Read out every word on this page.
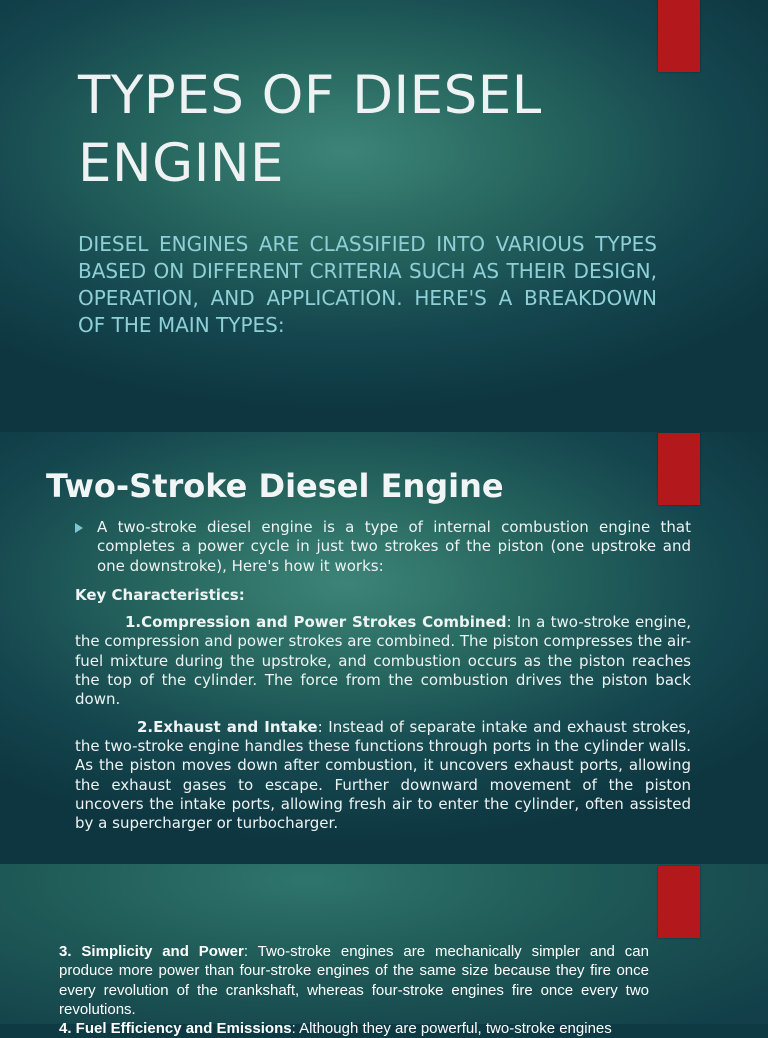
TYPES OF DIESEL ENGINE
DIESEL ENGINES ARE CLASSIFIED INTO VARIOUS TYPES BASED ON DIFFERENT CRITERIA SUCH AS THEIR DESIGN, OPERATION, AND APPLICATION. HERE'S A BREAKDOWN OF THE MAIN TYPES:
Two-Stroke Diesel Engine
A two-stroke diesel engine is a type of internal combustion engine that completes a power cycle in just two strokes of the piston (one upstroke and one downstroke), Here's how it works:
Key Characteristics:
1.Compression and Power Strokes Combined: In a two-stroke engine, the compression and power strokes are combined. The piston compresses the air-fuel mixture during the upstroke, and combustion occurs as the piston reaches the top of the cylinder. The force from the combustion drives the piston back down.
2.Exhaust and Intake: Instead of separate intake and exhaust strokes, the two-stroke engine handles these functions through ports in the cylinder walls. As the piston moves down after combustion, it uncovers exhaust ports, allowing the exhaust gases to escape. Further downward movement of the piston uncovers the intake ports, allowing fresh air to enter the cylinder, often assisted by a supercharger or turbocharger.
3. Simplicity and Power: Two-stroke engines are mechanically simpler and can produce more power than four-stroke engines of the same size because they fire once every revolution of the crankshaft, whereas four-stroke engines fire once every two revolutions.
4. Fuel Efficiency and Emissions: Although they are powerful, two-stroke engines
